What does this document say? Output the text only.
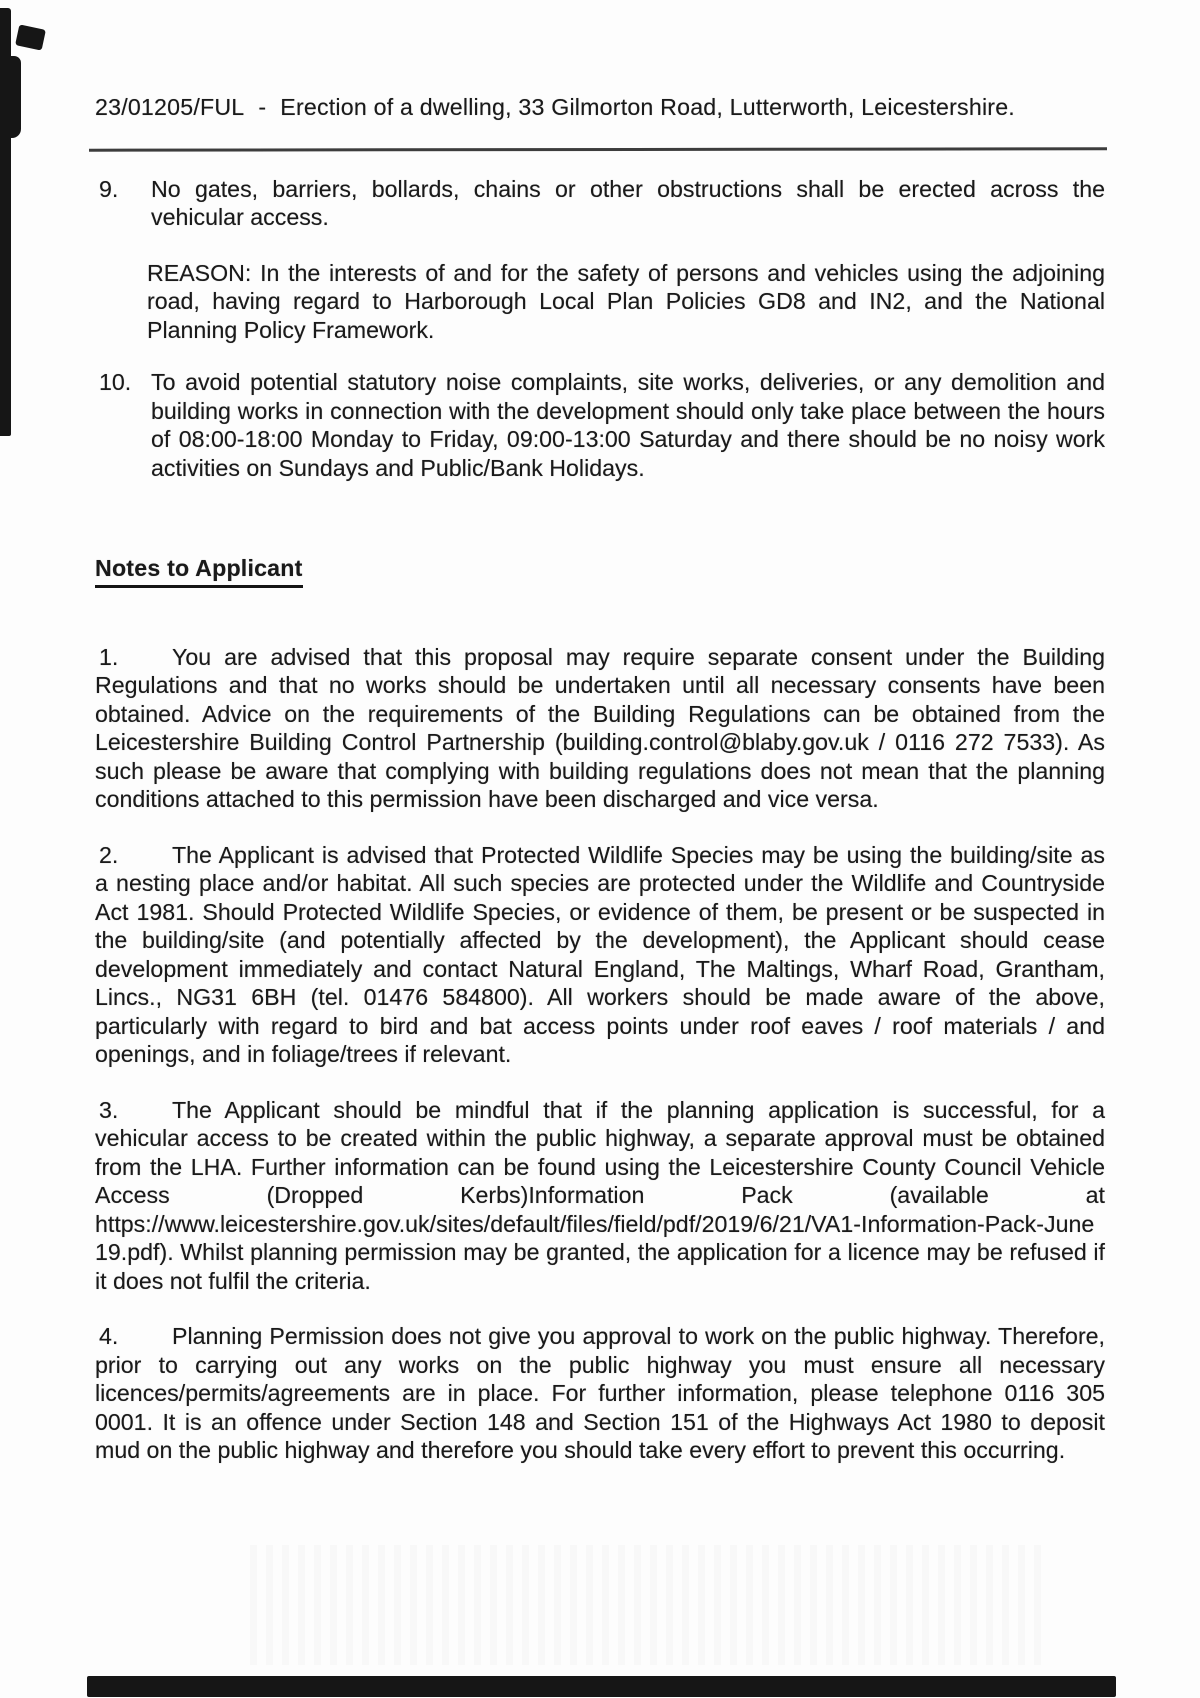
23/01205/FUL - Erection of a dwelling, 33 Gilmorton Road, Lutterworth, Leicestershire.
9.	No gates, barriers, bollards, chains or other obstructions shall be erected across the vehicular access.
REASON: In the interests of and for the safety of persons and vehicles using the adjoining road, having regard to Harborough Local Plan Policies GD8 and IN2, and the National Planning Policy Framework.
10. To avoid potential statutory noise complaints, site works, deliveries, or any demolition and building works in connection with the development should only take place between the hours of 08:00-18:00 Monday to Friday, 09:00-13:00 Saturday and there should be no noisy work activities on Sundays and Public/Bank Holidays.
Notes to Applicant

1. You are advised that this proposal may require separate consent under the Building Regulations and that no works should be undertaken until all necessary consents have been obtained. Advice on the requirements of the Building Regulations can be obtained from the Leicestershire Building Control Partnership (building.control@blaby.gov.uk / 0116 272 7533). As such please be aware that complying with building regulations does not mean that the planning conditions attached to this permission have been discharged and vice versa.

2. The Applicant is advised that Protected Wildlife Species may be using the building/site as a nesting place and/or habitat. All such species are protected under the Wildlife and Countryside Act 1981. Should Protected Wildlife Species, or evidence of them, be present or be suspected in the building/site (and potentially affected by the development), the Applicant should cease development immediately and contact Natural England, The Maltings, Wharf Road, Grantham, Lincs., NG31 6BH (tel. 01476 584800). All workers should be made aware of the above, particularly with regard to bird and bat access points under roof eaves / roof materials / and openings, and in foliage/trees if relevant.

3. The Applicant should be mindful that if the planning application is successful, for a vehicular access to be created within the public highway, a separate approval must be obtained from the LHA. Further information can be found using the Leicestershire County Council Vehicle Access (Dropped Kerbs)Information Pack (available at https://www.leicestershire.gov.uk/sites/default/files/field/pdf/2019/6/21/VA1-Information-Pack-June 19.pdf). Whilst planning permission may be granted, the application for a licence may be refused if it does not fulfil the criteria.

4. Planning Permission does not give you approval to work on the public highway. Therefore, prior to carrying out any works on the public highway you must ensure all necessary licences/permits/agreements are in place. For further information, please telephone 0116 305 0001. It is an offence under Section 148 and Section 151 of the Highways Act 1980 to deposit mud on the public highway and therefore you should take every effort to prevent this occurring.
